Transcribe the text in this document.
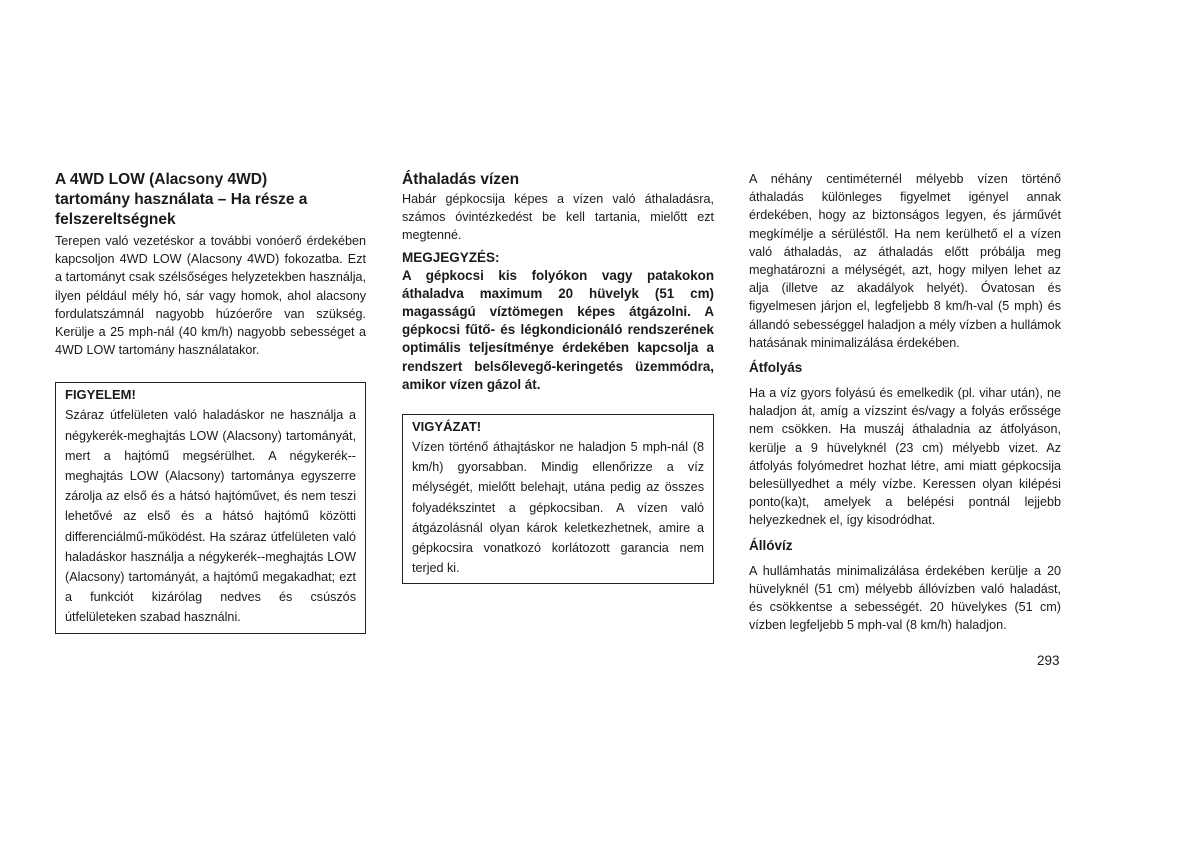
A 4WD LOW (Alacsony 4WD) tartomány használata – Ha része a felszereltségnek

Terepen való vezetéskor a további vonóerő érdekében kapcsoljon 4WD LOW (Alacsony 4WD) fokozatba. Ezt a tartományt csak szélsőséges helyzetekben használja, ilyen például mély hó, sár vagy homok, ahol alacsony fordulatszámnál nagyobb húzóerőre van szükség. Kerülje a 25 mph-nál (40 km/h) nagyobb sebességet a 4WD LOW tartomány használatakor.

FIGYELEM!

Száraz útfelületen való haladáskor ne használja a négykerék-meghajtás LOW (Alacsony) tartományát, mert a hajtómű megsérülhet. A négykerék--meghajtás LOW (Alacsony) tartománya egyszerre zárolja az első és a hátsó hajtóművet, és nem teszi lehetővé az első és a hátsó hajtómű közötti differenciálmű-működést. Ha száraz útfelületen való haladáskor használja a négykerék--meghajtás LOW (Alacsony) tartományát, a hajtómű megakadhat; ezt a funkciót kizárólag nedves és csúszós útfelületeken szabad használni.

Áthaladás vízen

Habár gépkocsija képes a vízen való áthaladásra, számos óvintézkedést be kell tartania, mielőtt ezt megtenné.

MEGJEGYZÉS:

A gépkocsi kis folyókon vagy patakokon áthaladva maximum 20 hüvelyk (51 cm) magasságú víztömegen képes átgázolni. A gépkocsi fűtő- és légkondicionáló rendszerének optimális teljesítménye érdekében kapcsolja a rendszert belsőlevegő-keringetés üzemmódra, amikor vízen gázol át.

VIGYÁZAT!

Vízen történő áthajtáskor ne haladjon 5 mph-nál (8 km/h) gyorsabban. Mindig ellenőrizze a víz mélységét, mielőtt belehajt, utána pedig az összes folyadékszintet a gépkocsiban. A vízen való átgázolásnál olyan károk keletkezhetnek, amire a gépkocsira vonatkozó korlátozott garancia nem terjed ki.

A néhány centiméternél mélyebb vízen történő áthaladás különleges figyelmet igényel annak érdekében, hogy az biztonságos legyen, és járművét megkímélje a sérüléstől. Ha nem kerülhető el a vízen való áthaladás, az áthaladás előtt próbálja meg meghatározni a mélységét, azt, hogy milyen lehet az alja (illetve az akadályok helyét). Óvatosan és figyelmesen járjon el, legfeljebb 8 km/h-val (5 mph) és állandó sebességgel haladjon a mély vízben a hullámok hatásának minimalizálása érdekében.

Átfolyás

Ha a víz gyors folyású és emelkedik (pl. vihar után), ne haladjon át, amíg a vízszint és/vagy a folyás erőssége nem csökken. Ha muszáj áthaladnia az átfolyáson, kerülje a 9 hüvelyknél (23 cm) mélyebb vizet. Az átfolyás folyómedret hozhat létre, ami miatt gépkocsija belesüllyedhet a mély vízbe. Keressen olyan kilépési ponto(ka)t, amelyek a belépési pontnál lejjebb helyezkednek el, így kisodródhat.

Állóvíz

A hullámhatás minimalizálása érdekében kerülje a 20 hüvelyknél (51 cm) mélyebb állóvízben való haladást, és csökkentse a sebességét. 20 hüvelykes (51 cm) vízben legfeljebb 5 mph-val (8 km/h) haladjon.

293
